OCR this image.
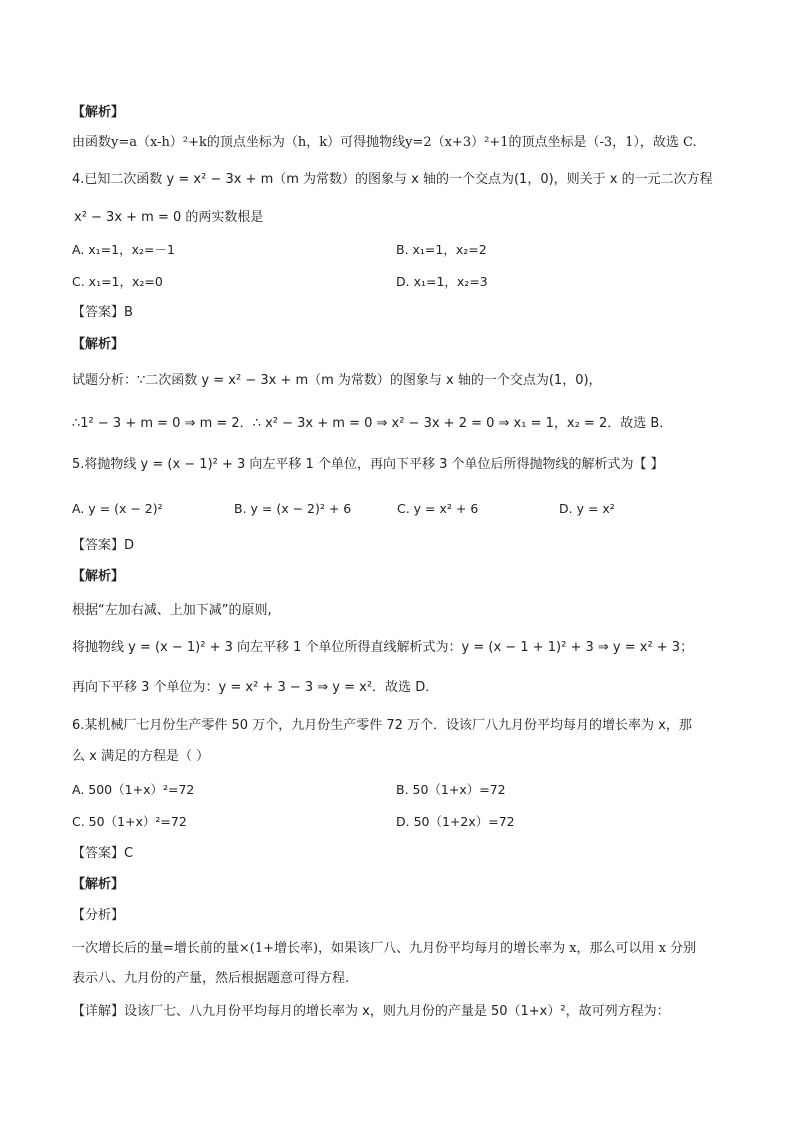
【解析】
由函数y=a（x-h）²+k的顶点坐标为（h，k）可得抛物线y=2（x+3）²+1的顶点坐标是（-3，1），故选 C.
4.已知二次函数 y = x² − 3x + m（m 为常数）的图象与 x 轴的一个交点为(1，0)，则关于 x 的一元二次方程
x² − 3x + m = 0 的两实数根是
A. x₁=1，x₂=－1	B. x₁=1，x₂=2
C. x₁=1，x₂=0	D. x₁=1，x₂=3
【答案】B
【解析】
试题分析：∵二次函数 y = x² − 3x + m（m 为常数）的图象与 x 轴的一个交点为(1，0)，
∴1² − 3 + m = 0 ⇒ m = 2．∴ x² − 3x + m = 0 ⇒ x² − 3x + 2 = 0 ⇒ x₁ = 1，x₂ = 2．故选 B．
5.将抛物线 y = (x − 1)² + 3 向左平移 1 个单位，再向下平移 3 个单位后所得抛物线的解析式为【 】
A. y = (x − 2)²	B. y = (x − 2)² + 6	C. y = x² + 6	D. y = x²
【答案】D
【解析】
根据“左加右减、上加下减”的原则,
将抛物线 y = (x − 1)² + 3 向左平移 1 个单位所得直线解析式为：y = (x − 1 + 1)² + 3 ⇒ y = x² + 3；
再向下平移 3 个单位为：y = x² + 3 − 3 ⇒ y = x²．故选 D．
6.某机械厂七月份生产零件 50 万个，九月份生产零件 72 万个．设该厂八九月份平均每月的增长率为 x，那
么 x 满足的方程是（ ）
A. 500（1+x）²=72	B. 50（1+x）=72
C. 50（1+x）²=72	D. 50（1+2x）=72
【答案】C
【解析】
【分析】
一次增长后的量=增长前的量×(1+增长率)，如果该厂八、九月份平均每月的增长率为 x，那么可以用 x 分别
表示八、九月份的产量，然后根据题意可得方程.
【详解】设该厂七、八九月份平均每月的增长率为 x，则九月份的产量是 50（1+x）²，故可列方程为：
